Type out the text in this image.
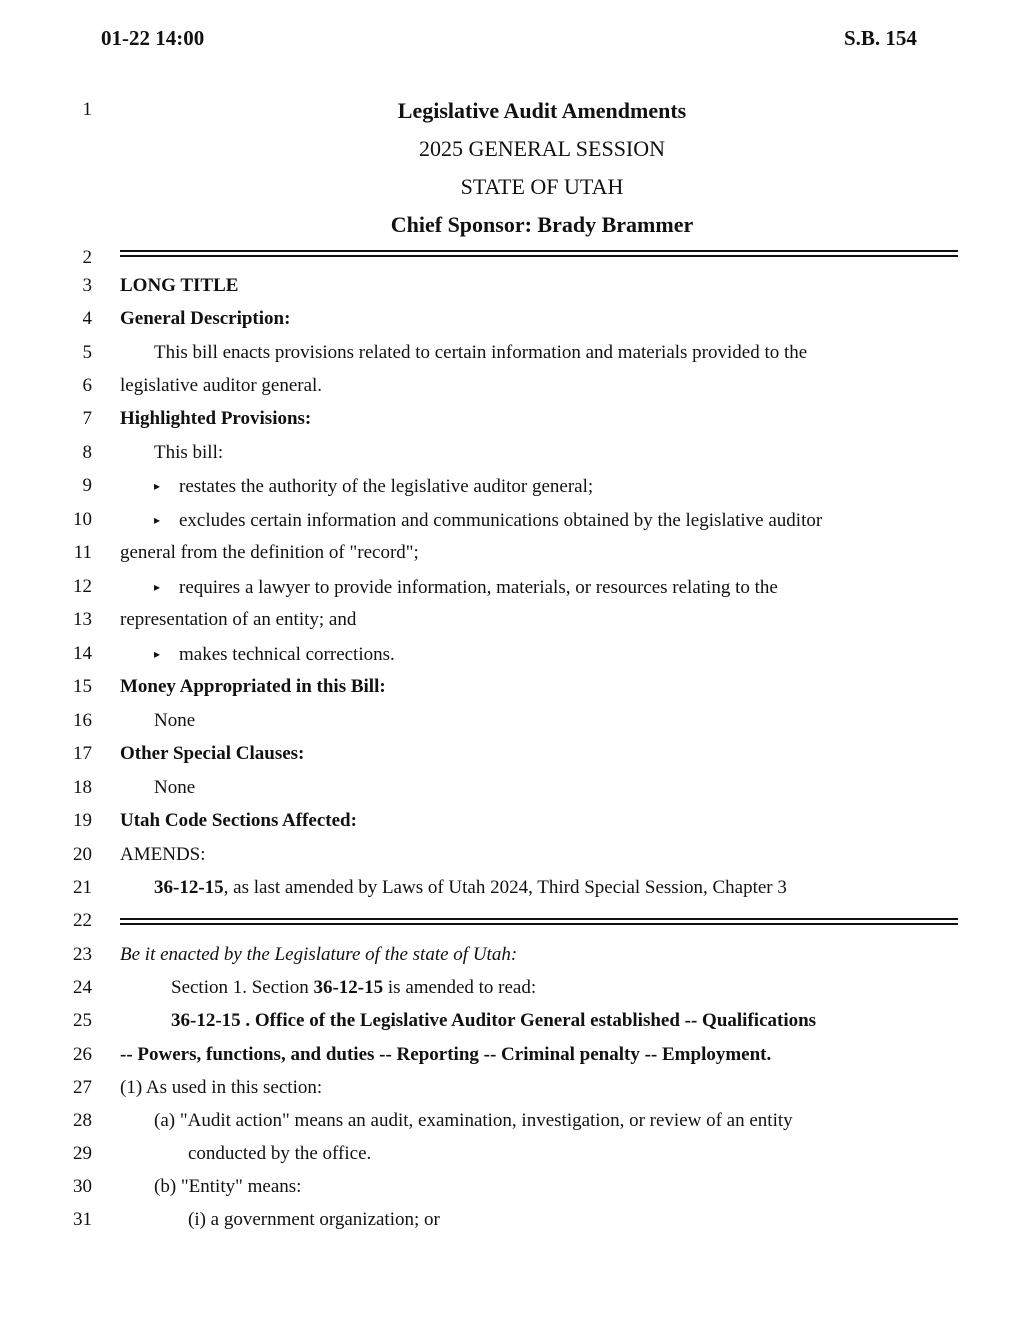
01-22 14:00	S.B. 154
1
2
3
4
5
6
7
8
9
10
11
12
13
14
15
16
17
18
19
20
21
22
23
24
25
26
27
28
29
30
31
Legislative Audit Amendments
2025 GENERAL SESSION
STATE OF UTAH
Chief Sponsor: Brady Brammer
LONG TITLE
General Description:
This bill enacts provisions related to certain information and materials provided to the
legislative auditor general.
Highlighted Provisions:
This bill:
▸ restates the authority of the legislative auditor general;
▸ excludes certain information and communications obtained by the legislative auditor
general from the definition of "record";
▸ requires a lawyer to provide information, materials, or resources relating to the
representation of an entity; and
▸ makes technical corrections.
Money Appropriated in this Bill:
None
Other Special Clauses:
None
Utah Code Sections Affected:
AMENDS:
36-12-15, as last amended by Laws of Utah 2024, Third Special Session, Chapter 3
Be it enacted by the Legislature of the state of Utah:
Section 1. Section 36-12-15 is amended to read:
36-12-15 . Office of the Legislative Auditor General established -- Qualifications
-- Powers, functions, and duties -- Reporting -- Criminal penalty -- Employment.
(1) As used in this section:
(a) "Audit action" means an audit, examination, investigation, or review of an entity
conducted by the office.
(b) "Entity" means:
(i) a government organization; or
